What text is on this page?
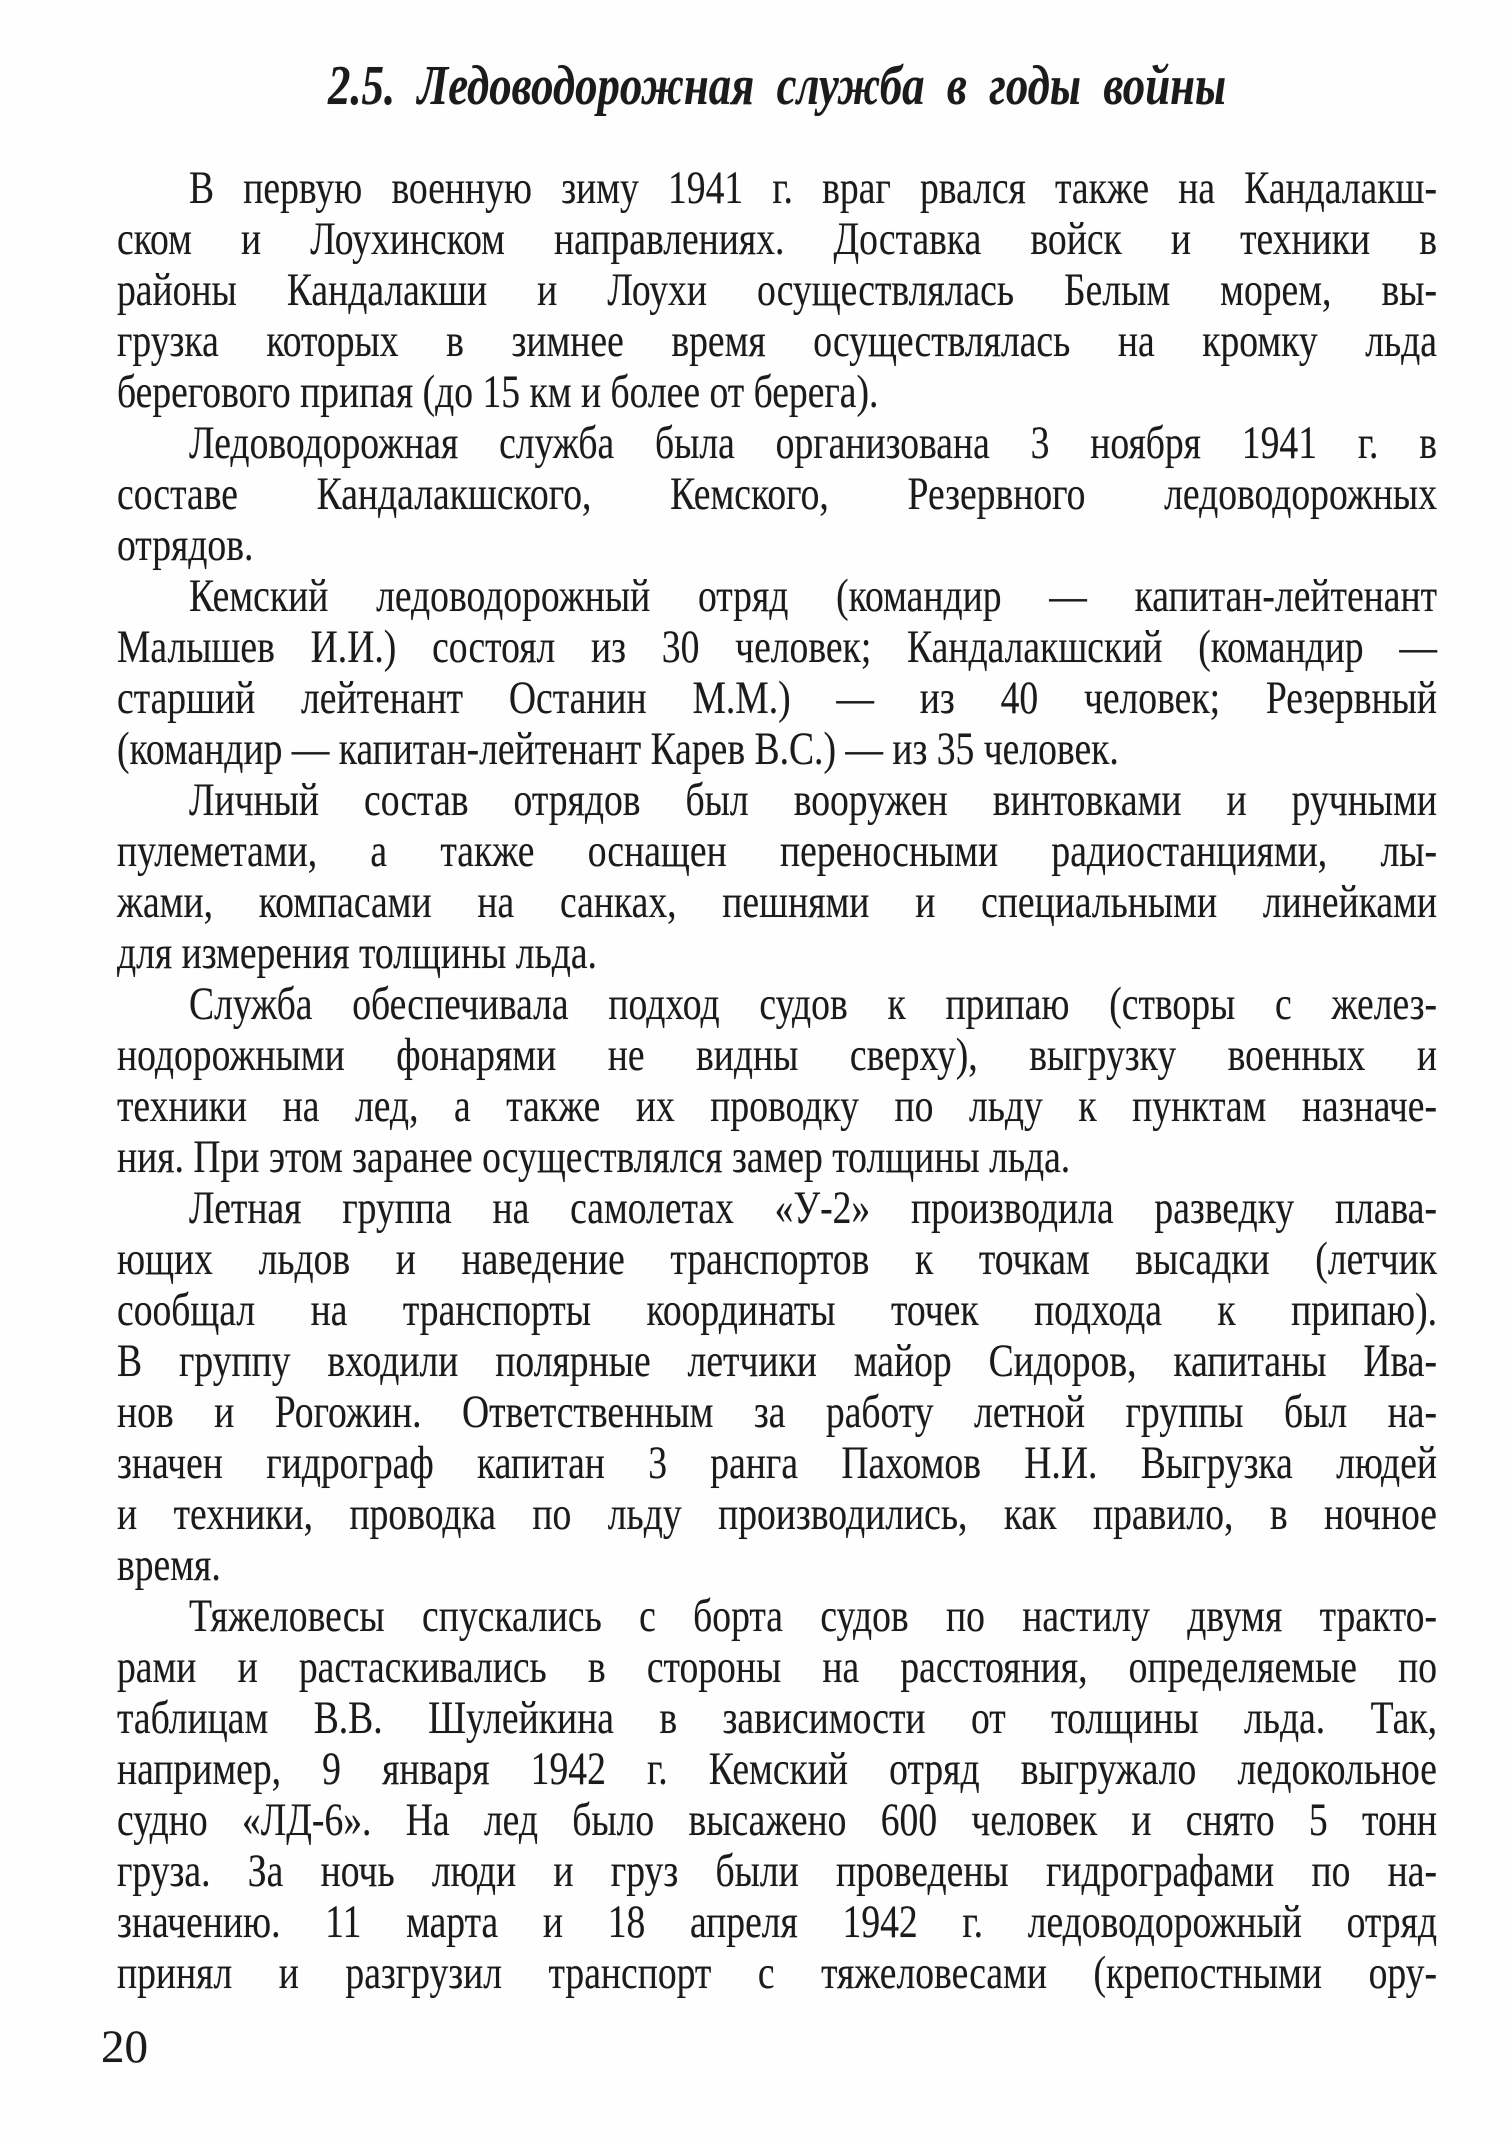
2.5. Ледоводорожная служба в годы войны
В первую военную зиму 1941 г. враг рвался также на Кандалакш-
ском и Лоухинском направлениях. Доставка войск и техники в
районы Кандалакши и Лоухи осуществлялась Белым морем, вы-
грузка которых в зимнее время осуществлялась на кромку льда
берегового припая (до 15 км и более от берега).
Ледоводорожная служба была организована 3 ноября 1941 г. в
составе Кандалакшского, Кемского, Резервного ледоводорожных
отрядов.
Кемский ледоводорожный отряд (командир — капитан-лейтенант
Малышев И.И.) состоял из 30 человек; Кандалакшский (командир —
старший лейтенант Останин М.М.) — из 40 человек; Резервный
(командир — капитан-лейтенант Карев В.С.) — из 35 человек.
Личный состав отрядов был вооружен винтовками и ручными
пулеметами, а также оснащен переносными радиостанциями, лы-
жами, компасами на санках, пешнями и специальными линейками
для измерения толщины льда.
Служба обеспечивала подход судов к припаю (створы с желез-
нодорожными фонарями не видны сверху), выгрузку военных и
техники на лед, а также их проводку по льду к пунктам назначе-
ния. При этом заранее осуществлялся замер толщины льда.
Летная группа на самолетах «У-2» производила разведку плава-
ющих льдов и наведение транспортов к точкам высадки (летчик
сообщал на транспорты координаты точек подхода к припаю).
В группу входили полярные летчики майор Сидоров, капитаны Ива-
нов и Рогожин. Ответственным за работу летной группы был на-
значен гидрограф капитан 3 ранга Пахомов Н.И. Выгрузка людей
и техники, проводка по льду производились, как правило, в ночное
время.
Тяжеловесы спускались с борта судов по настилу двумя тракто-
рами и растаскивались в стороны на расстояния, определяемые по
таблицам В.В. Шулейкина в зависимости от толщины льда. Так,
например, 9 января 1942 г. Кемский отряд выгружало ледокольное
судно «ЛД-6». На лед было высажено 600 человек и снято 5 тонн
груза. За ночь люди и груз были проведены гидрографами по на-
значению. 11 марта и 18 апреля 1942 г. ледоводорожный отряд
принял и разгрузил транспорт с тяжеловесами (крепостными ору-
20
